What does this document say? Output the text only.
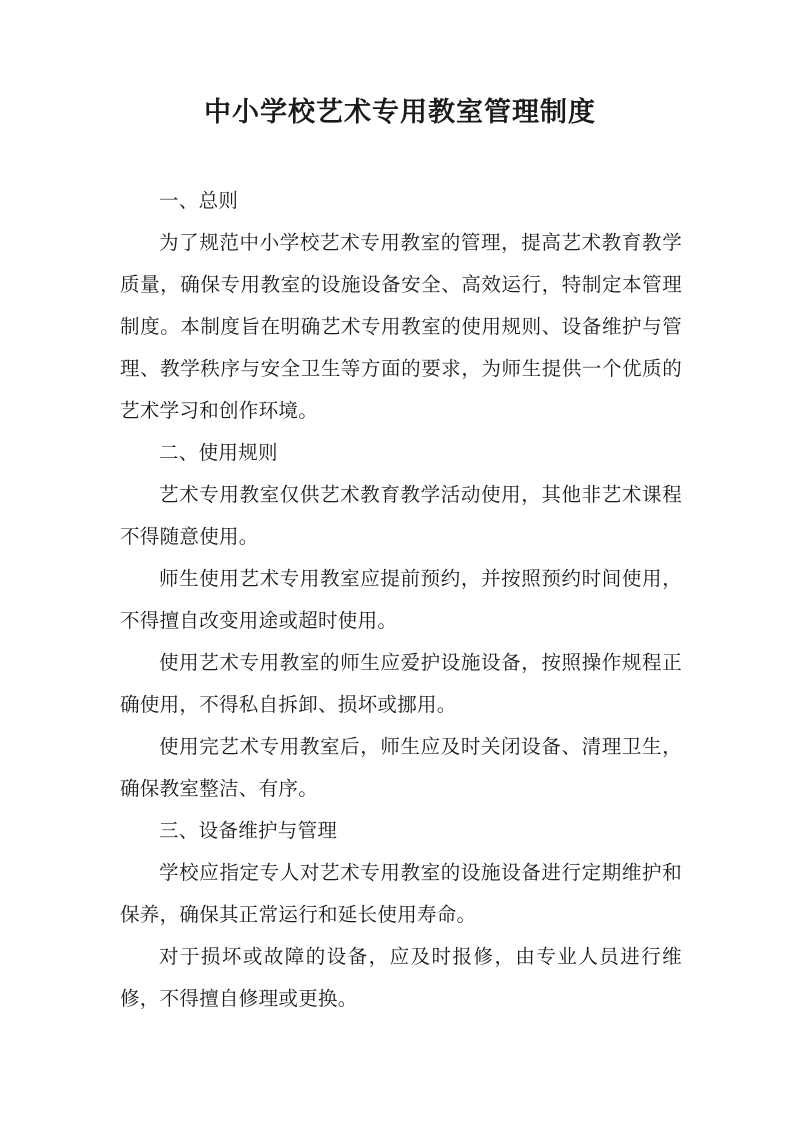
中小学校艺术专用教室管理制度

一、总则

为了规范中小学校艺术专用教室的管理，提高艺术教育教学质量，确保专用教室的设施设备安全、高效运行，特制定本管理制度。本制度旨在明确艺术专用教室的使用规则、设备维护与管理、教学秩序与安全卫生等方面的要求，为师生提供一个优质的艺术学习和创作环境。

二、使用规则

艺术专用教室仅供艺术教育教学活动使用，其他非艺术课程不得随意使用。

师生使用艺术专用教室应提前预约，并按照预约时间使用，不得擅自改变用途或超时使用。

使用艺术专用教室的师生应爱护设施设备，按照操作规程正确使用，不得私自拆卸、损坏或挪用。

使用完艺术专用教室后，师生应及时关闭设备、清理卫生，确保教室整洁、有序。

三、设备维护与管理

学校应指定专人对艺术专用教室的设施设备进行定期维护和保养，确保其正常运行和延长使用寿命。

对于损坏或故障的设备，应及时报修，由专业人员进行维修，不得擅自修理或更换。
